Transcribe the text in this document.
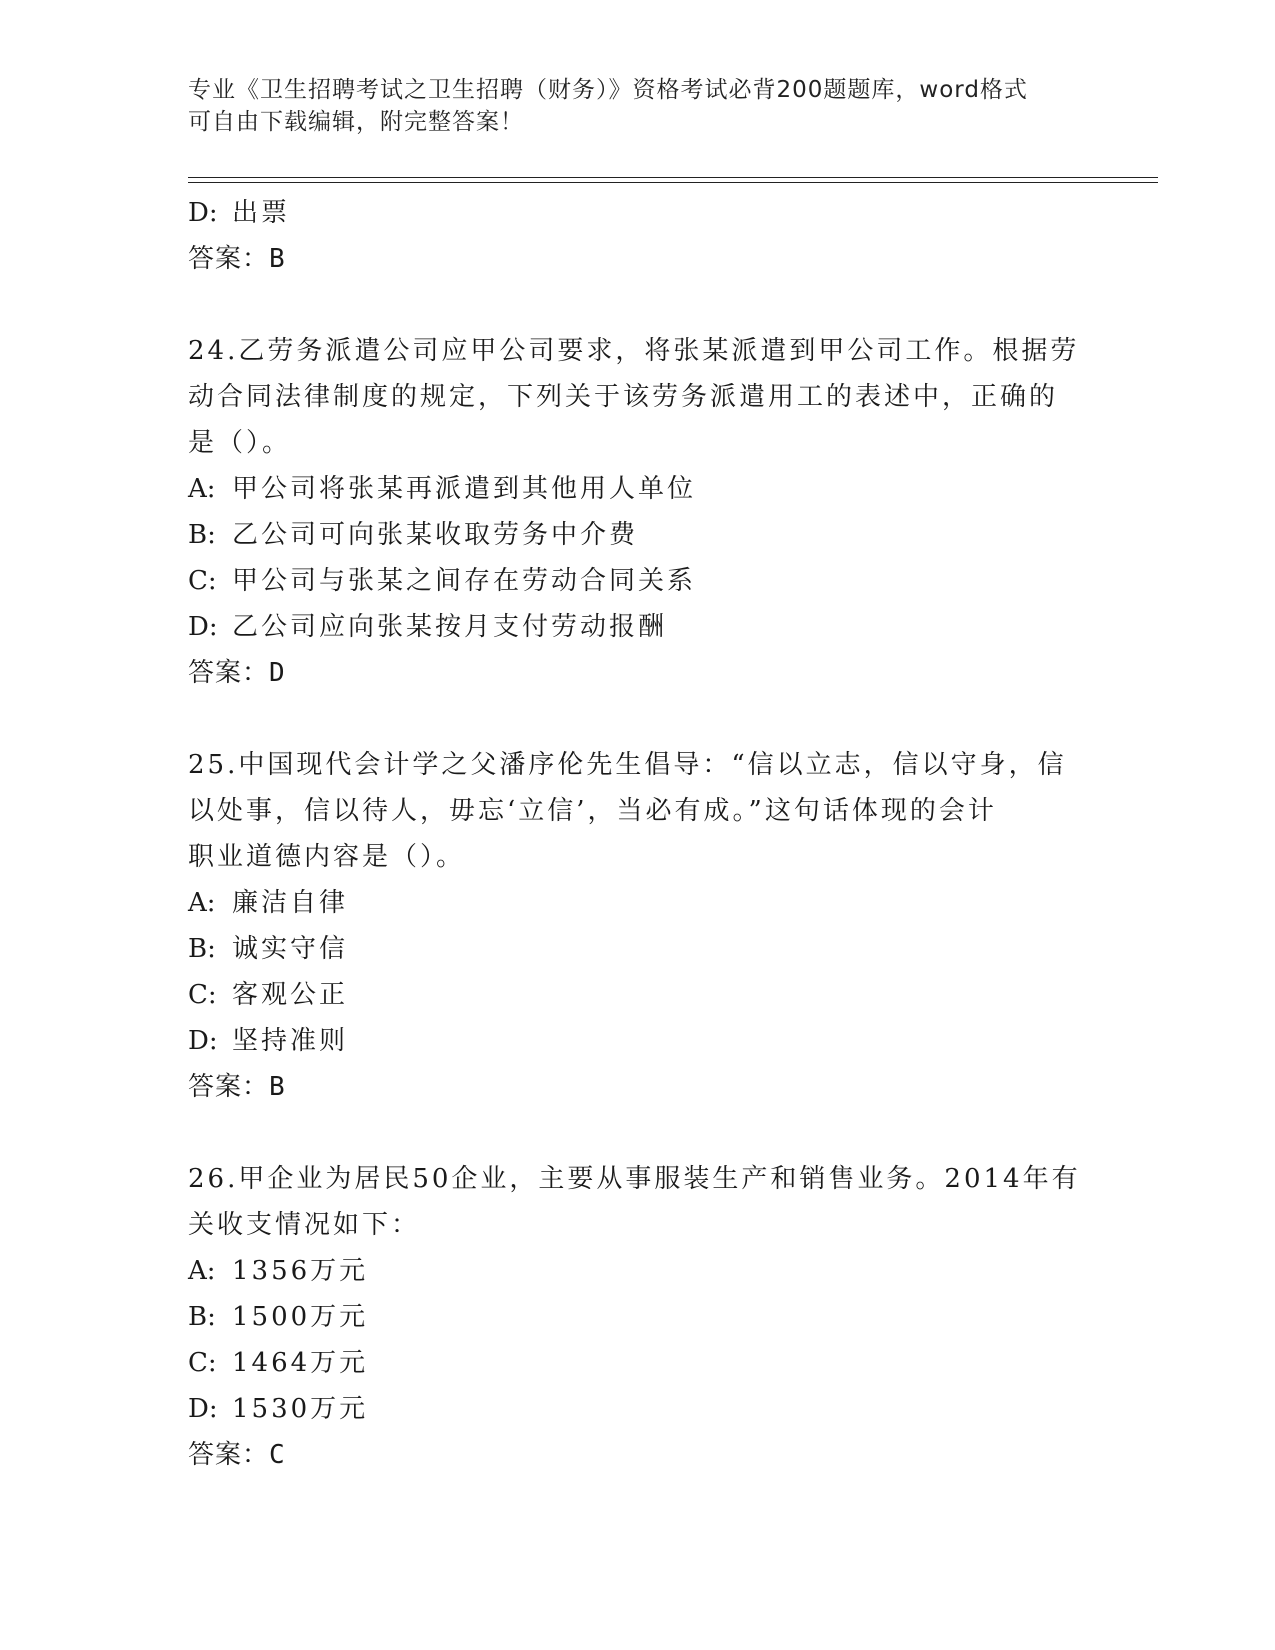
专业《卫生招聘考试之卫生招聘（财务）》资格考试必背200题题库，word格式
可自由下载编辑，附完整答案！
D: 出票
答案：B
24.乙劳务派遣公司应甲公司要求，将张某派遣到甲公司工作。根据劳
动合同法律制度的规定，下列关于该劳务派遣用工的表述中，正确的
是（）。
A: 甲公司将张某再派遣到其他用人单位
B: 乙公司可向张某收取劳务中介费
C: 甲公司与张某之间存在劳动合同关系
D: 乙公司应向张某按月支付劳动报酬
答案：D
25.中国现代会计学之父潘序伦先生倡导：“信以立志，信以守身，信
以处事，信以待人，毋忘‘立信’，当必有成。”这句话体现的会计
职业道德内容是（）。
A: 廉洁自律
B: 诚实守信
C: 客观公正
D: 坚持准则
答案：B
26.甲企业为居民50企业，主要从事服装生产和销售业务。2014年有
关收支情况如下：
A: 1356万元
B: 1500万元
C: 1464万元
D: 1530万元
答案：C
